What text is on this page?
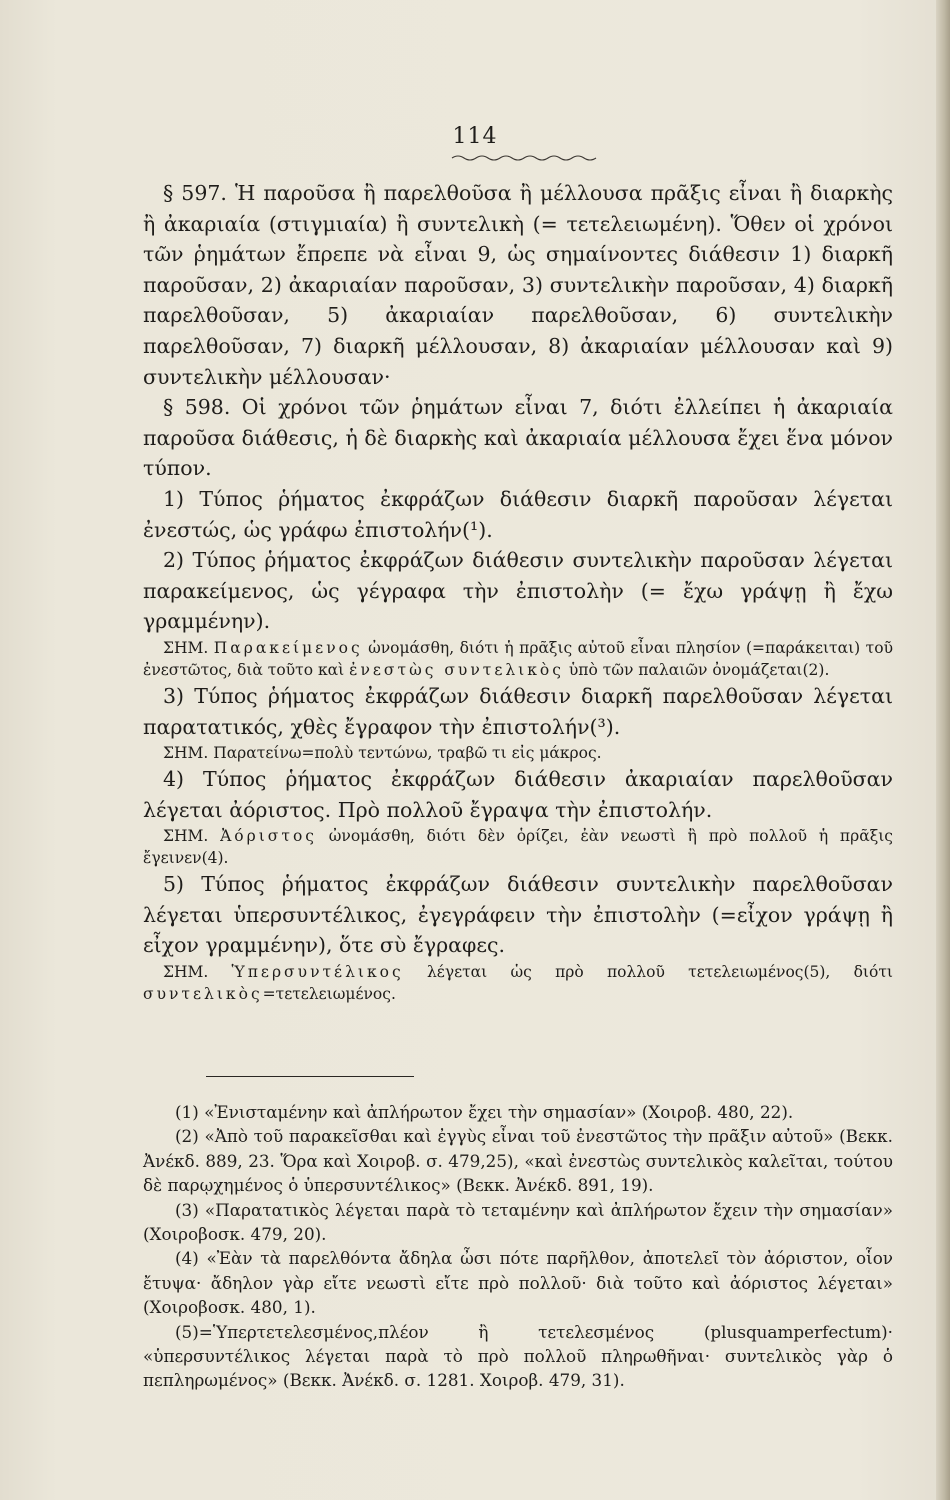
114

§ 597. Ἡ παροῦσα ἢ παρελθοῦσα ἢ μέλλουσα πρᾶξις εἶναι ἢ διαρκὴς ἢ ἀκαριαία (στιγμιαία) ἢ συντελικὴ (= τετελειωμένη). Ὅθεν οἱ χρόνοι τῶν ῥημάτων ἔπρεπε νὰ εἶναι 9, ὡς σημαίνοντες διάθεσιν 1) διαρκῆ παροῦσαν, 2) ἀκαριαίαν παροῦσαν, 3) συντελικὴν παροῦσαν, 4) διαρκῆ παρελθοῦσαν, 5) ἀκαριαίαν παρελθοῦσαν, 6) συντελικὴν παρελθοῦσαν, 7) διαρκῆ μέλλουσαν, 8) ἀκαριαίαν μέλλουσαν καὶ 9) συντελικὴν μέλλουσαν·

§ 598. Οἱ χρόνοι τῶν ῥημάτων εἶναι 7, διότι ἐλλείπει ἡ ἀκαριαία παροῦσα διάθεσις, ἡ δὲ διαρκὴς καὶ ἀκαριαία μέλλουσα ἔχει ἕνα μόνον τύπον.

1) Τύπος ῥήματος ἐκφράζων διάθεσιν διαρκῆ παροῦσαν λέγεται ἐνεστώς, ὡς γράφω ἐπιστολήν(¹).

2) Τύπος ῥήματος ἐκφράζων διάθεσιν συντελικὴν παροῦσαν λέγεται παρακείμενος, ὡς γέγραφα τὴν ἐπιστολὴν (= ἔχω γράψῃ ἢ ἔχω γραμμένην).

ΣΗΜ. Παρακείμενος ὠνομάσθη, διότι ἡ πρᾶξις αὐτοῦ εἶναι πλησίον (=παράκειται) τοῦ ἐνεστῶτος, διὰ τοῦτο καὶ ἐνεστὼς συντελικὸς ὑπὸ τῶν παλαιῶν ὀνομάζεται(2).

3) Τύπος ῥήματος ἐκφράζων διάθεσιν διαρκῆ παρελθοῦσαν λέγεται παρατατικός, χθὲς ἔγραφον τὴν ἐπιστολήν(³).

ΣΗΜ. Παρατείνω=πολὺ τεντώνω, τραβῶ τι εἰς μάκρος.

4) Τύπος ῥήματος ἐκφράζων διάθεσιν ἀκαριαίαν παρελθοῦσαν λέγεται ἀόριστος. Πρὸ πολλοῦ ἔγραψα τὴν ἐπιστολήν.

ΣΗΜ. Ἀόριστος ὠνομάσθη, διότι δὲν ὁρίζει, ἐὰν νεωστὶ ἢ πρὸ πολλοῦ ἡ πρᾶξις ἔγεινεν(4).

5) Τύπος ῥήματος ἐκφράζων διάθεσιν συντελικὴν παρελθοῦσαν λέγεται ὑπερσυντέλικος, ἐγεγράφειν τὴν ἐπιστολὴν (=εἶχον γράψῃ ἢ εἶχον γραμμένην), ὅτε σὺ ἔγραφες.

ΣΗΜ. Ὑπερσυντέλικος λέγεται ὡς πρὸ πολλοῦ τετελειωμένος(5), διότι συντελικὸς=τετελειωμένος.

(1) «Ἐνισταμένην καὶ ἀπλήρωτον ἔχει τὴν σημασίαν» (Χοιροβ. 480, 22).

(2) «Ἀπὸ τοῦ παρακεῖσθαι καὶ ἐγγὺς εἶναι τοῦ ἐνεστῶτος τὴν πρᾶξιν αὐτοῦ» (Βεκκ. Ἀνέκδ. 889, 23. Ὅρα καὶ Χοιροβ. σ. 479,25), «καὶ ἐνεστὼς συντελικὸς καλεῖται, τούτου δὲ παρῳχημένος ὁ ὑπερσυντέλικος» (Βεκκ. Ἀνέκδ. 891, 19).

(3) «Παρατατικὸς λέγεται παρὰ τὸ τεταμένην καὶ ἀπλήρωτον ἔχειν τὴν σημασίαν» (Χοιροβοσκ. 479, 20).

(4) «Ἐὰν τὰ παρελθόντα ἄδηλα ὦσι πότε παρῆλθον, ἀποτελεῖ τὸν ἀόριστον, οἷον ἔτυψα· ἄδηλον γὰρ εἴτε νεωστὶ εἴτε πρὸ πολλοῦ· διὰ τοῦτο καὶ ἀόριστος λέγεται» (Χοιροβοσκ. 480, 1).

(5)=Ὑπερτετελεσμένος,πλέον ἢ τετελεσμένος (plusquamperfectum)· «ὑπερσυντέλικος λέγεται παρὰ τὸ πρὸ πολλοῦ πληρωθῆναι· συντελικὸς γὰρ ὁ πεπληρωμένος» (Βεκκ. Ἀνέκδ. σ. 1281. Χοιροβ. 479, 31).
